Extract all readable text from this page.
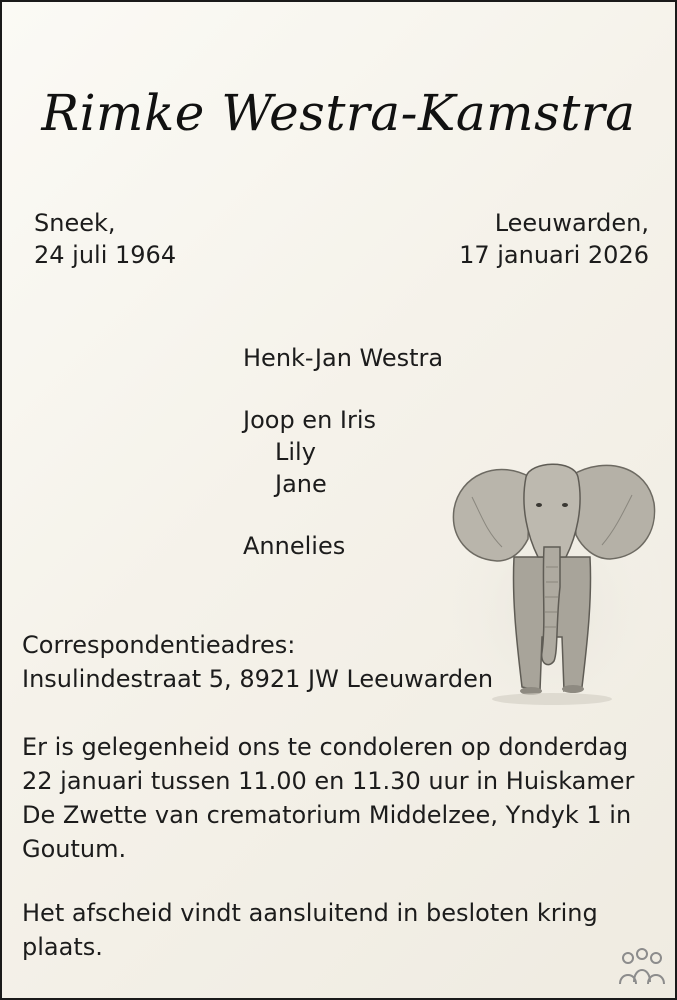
Rimke Westra-Kamstra
Sneek,
24 juli 1964
Leeuwarden,
17 januari 2026
Henk-Jan Westra
Joop en Iris
Lily
Jane
Annelies
Correspondentieadres:
Insulindestraat 5, 8921 JW Leeuwarden
Er is gelegenheid ons te condoleren op donderdag
22 januari tussen 11.00 en 11.30 uur in Huiskamer
De Zwette van crematorium Middelzee, Yndyk 1 in
Goutum.
Het afscheid vindt aansluitend in besloten kring
plaats.
